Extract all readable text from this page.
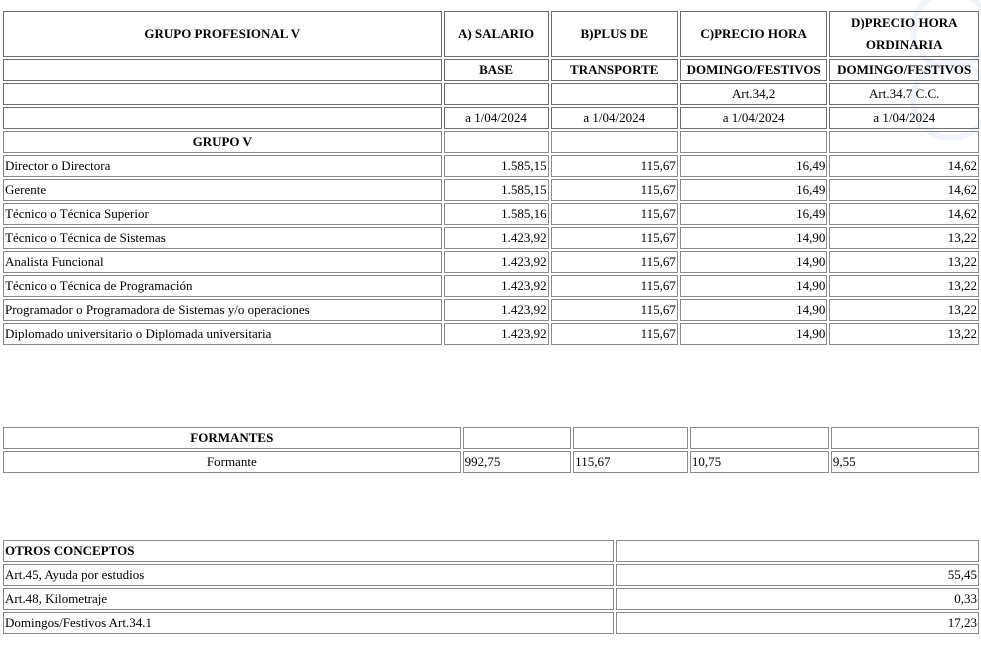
GRUPO PROFESIONAL V	A) SALARIO	B)PLUS DE	C)PRECIO HORA	D)PRECIO HORA ORDINARIA
	BASE	TRANSPORTE	DOMINGO/FESTIVOS	DOMINGO/FESTIVOS
			Art.34,2	Art.34.7 C.C.
	a 1/04/2024	a 1/04/2024	a 1/04/2024	a 1/04/2024
GRUPO V				
Director o Directora	1.585,15	115,67	16,49	14,62
Gerente	1.585,15	115,67	16,49	14,62
Técnico o Técnica Superior	1.585,16	115,67	16,49	14,62
Técnico o Técnica de Sistemas	1.423,92	115,67	14,90	13,22
Analista Funcional	1.423,92	115,67	14,90	13,22
Técnico o Técnica de Programación	1.423,92	115,67	14,90	13,22
Programador o Programadora de Sistemas y/o operaciones	1.423,92	115,67	14,90	13,22
Diplomado universitario o Diplomada universitaria	1.423,92	115,67	14,90	13,22
FORMANTES				
Formante	992,75	115,67	10,75	9,55
OTROS CONCEPTOS	
Art.45, Ayuda por estudios	55,45
Art.48, Kilometraje	0,33
Domingos/Festivos Art.34.1	17,23
